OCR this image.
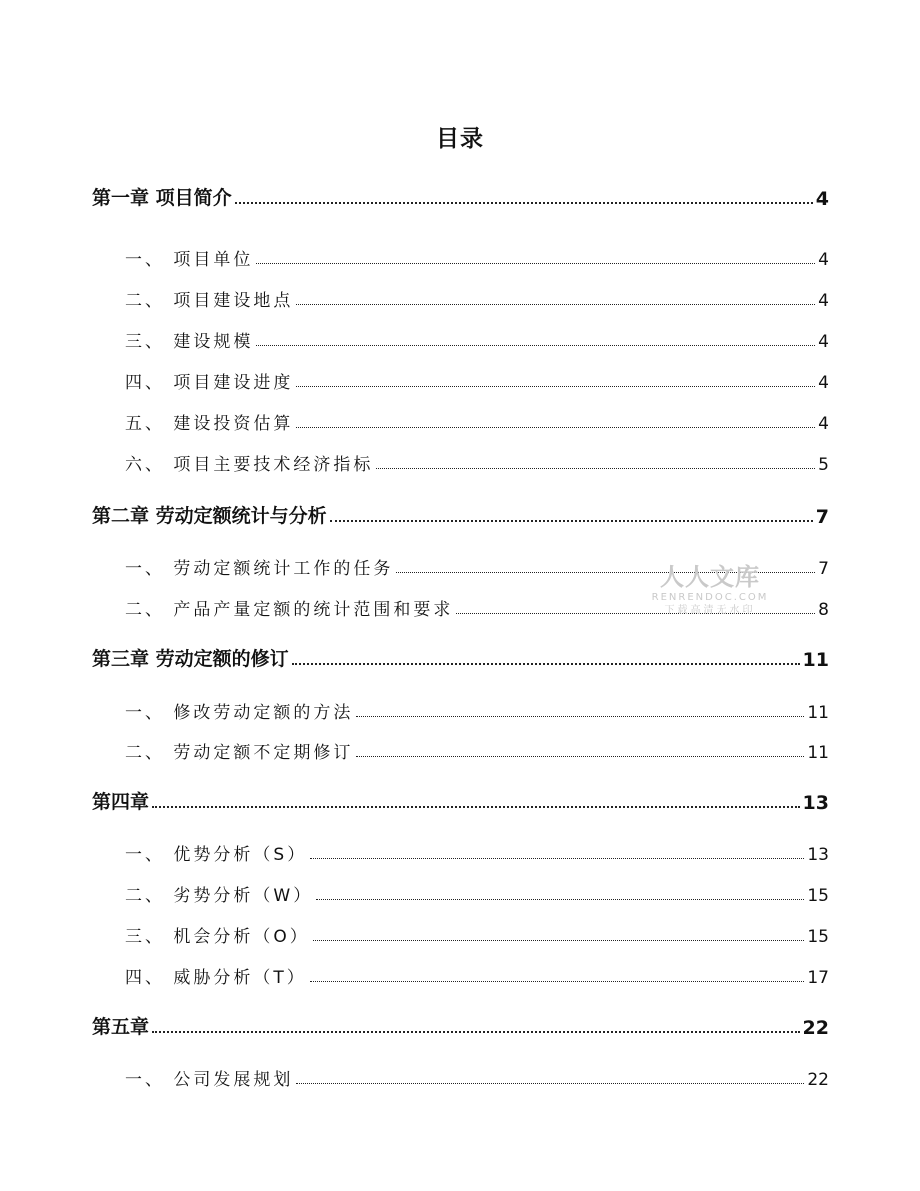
目录
第一章 项目简介	4
一、 项目单位	4
二、 项目建设地点	4
三、 建设规模	4
四、 项目建设进度	4
五、 建设投资估算	4
六、 项目主要技术经济指标	5
第二章 劳动定额统计与分析	7
一、 劳动定额统计工作的任务	7
二、 产品产量定额的统计范围和要求	8
第三章 劳动定额的修订	11
一、 修改劳动定额的方法	11
二、 劳动定额不定期修订	11
第四章	13
一、 优势分析（S）	13
二、 劣势分析（W）	15
三、 机会分析（O）	15
四、 威胁分析（T）	17
第五章	22
一、 公司发展规划	22
人人文库
RENRENDOC.COM
下载高清无水印
